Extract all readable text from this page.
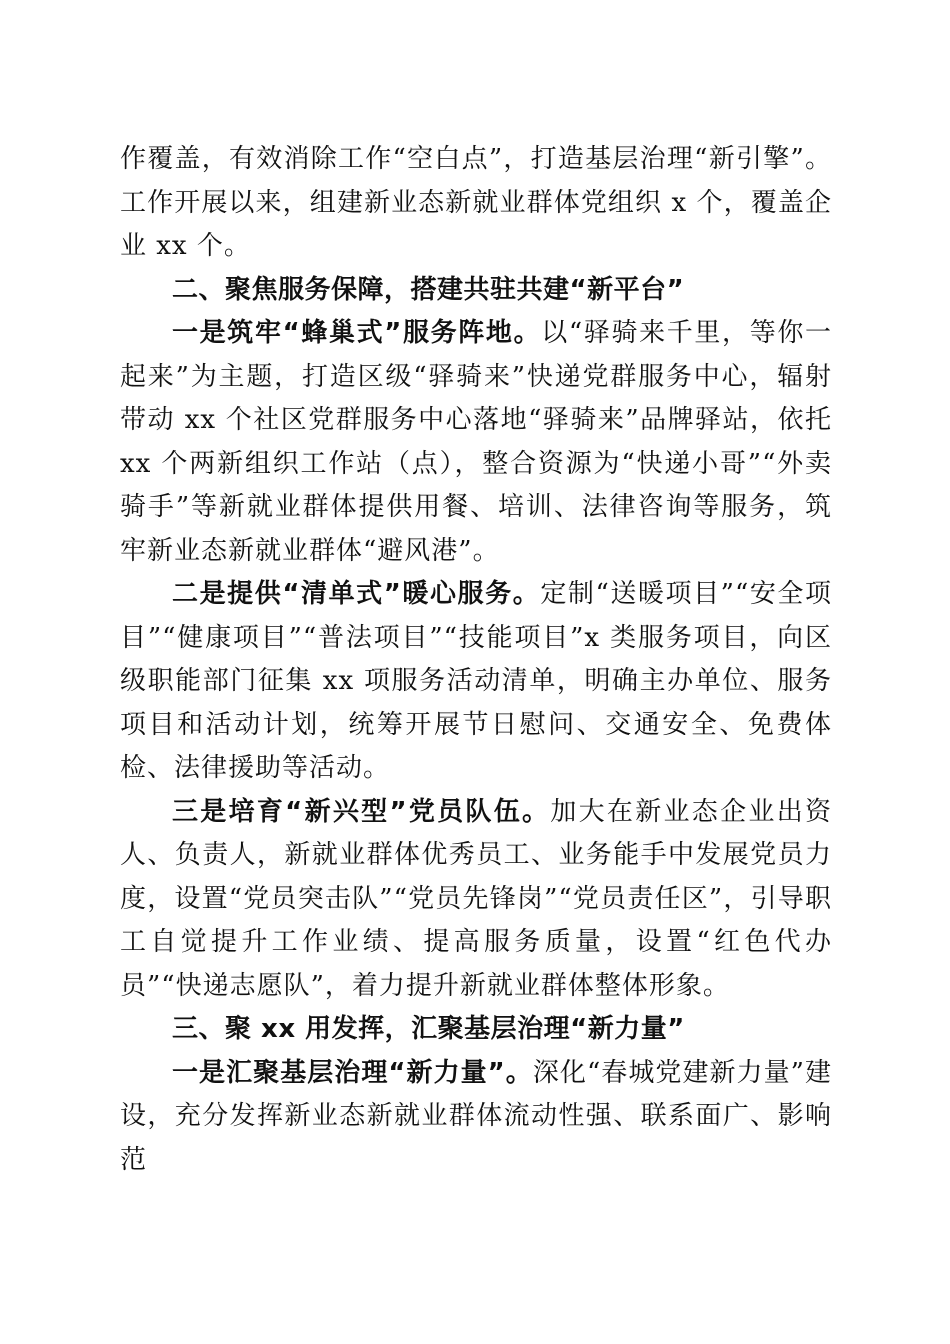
作覆盖，有效消除工作“空白点”，打造基层治理“新引擎”。工作开展以来，组建新业态新就业群体党组织 x 个，覆盖企业 xx 个。

二、聚焦服务保障，搭建共驻共建“新平台”

一是筑牢“蜂巢式”服务阵地。以“驿骑来千里，等你一起来”为主题，打造区级“驿骑来”快递党群服务中心，辐射带动 xx 个社区党群服务中心落地“驿骑来”品牌驿站，依托 xx 个两新组织工作站（点），整合资源为“快递小哥”“外卖骑手”等新就业群体提供用餐、培训、法律咨询等服务，筑牢新业态新就业群体“避风港”。

二是提供“清单式”暖心服务。定制“送暖项目”“安全项目”“健康项目”“普法项目”“技能项目”x 类服务项目，向区级职能部门征集 xx 项服务活动清单，明确主办单位、服务项目和活动计划，统筹开展节日慰问、交通安全、免费体检、法律援助等活动。

三是培育“新兴型”党员队伍。加大在新业态企业出资人、负责人，新就业群体优秀员工、业务能手中发展党员力度，设置“党员突击队”“党员先锋岗”“党员责任区”，引导职工自觉提升工作业绩、提高服务质量，设置“红色代办员”“快递志愿队”，着力提升新就业群体整体形象。

三、聚 xx 用发挥，汇聚基层治理“新力量”

一是汇聚基层治理“新力量”。深化“春城党建新力量”建设，充分发挥新业态新就业群体流动性强、联系面广、影响范
